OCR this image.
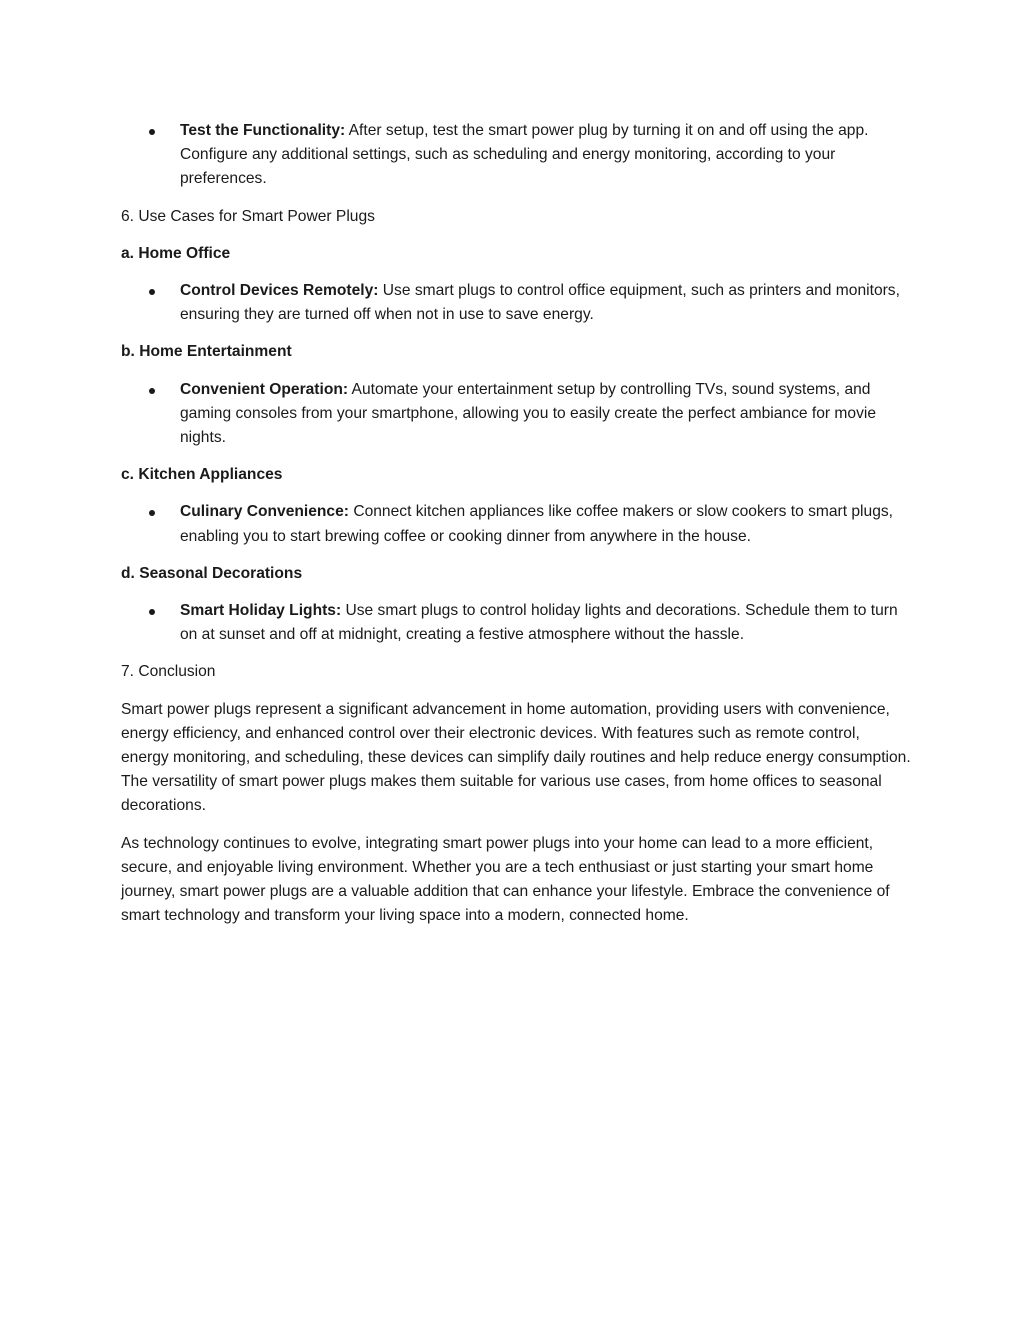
Test the Functionality: After setup, test the smart power plug by turning it on and off using the app. Configure any additional settings, such as scheduling and energy monitoring, according to your preferences.
6. Use Cases for Smart Power Plugs
a. Home Office
Control Devices Remotely: Use smart plugs to control office equipment, such as printers and monitors, ensuring they are turned off when not in use to save energy.
b. Home Entertainment
Convenient Operation: Automate your entertainment setup by controlling TVs, sound systems, and gaming consoles from your smartphone, allowing you to easily create the perfect ambiance for movie nights.
c. Kitchen Appliances
Culinary Convenience: Connect kitchen appliances like coffee makers or slow cookers to smart plugs, enabling you to start brewing coffee or cooking dinner from anywhere in the house.
d. Seasonal Decorations
Smart Holiday Lights: Use smart plugs to control holiday lights and decorations. Schedule them to turn on at sunset and off at midnight, creating a festive atmosphere without the hassle.
7. Conclusion

Smart power plugs represent a significant advancement in home automation, providing users with convenience, energy efficiency, and enhanced control over their electronic devices. With features such as remote control, energy monitoring, and scheduling, these devices can simplify daily routines and help reduce energy consumption. The versatility of smart power plugs makes them suitable for various use cases, from home offices to seasonal decorations.

As technology continues to evolve, integrating smart power plugs into your home can lead to a more efficient, secure, and enjoyable living environment. Whether you are a tech enthusiast or just starting your smart home journey, smart power plugs are a valuable addition that can enhance your lifestyle. Embrace the convenience of smart technology and transform your living space into a modern, connected home.
